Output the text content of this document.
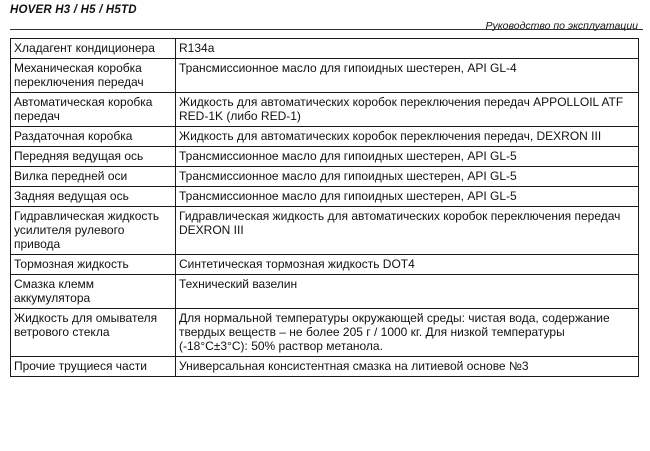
HOVER H3 / H5 / H5TD
Руководство по эксплуатации
Хладагент кондиционера	R134a
Механическая коробка переключения передач	Трансмиссионное масло для гипоидных шестерен, API GL-4
Автоматическая коробка передач	Жидкость для автоматических коробок переключения передач APPOLLOIL ATF RED-1K (либо RED-1)
Раздаточная коробка	Жидкость для автоматических коробок переключения передач, DEXRON III
Передняя ведущая ось	Трансмиссионное масло для гипоидных шестерен, API GL-5
Вилка передней оси	Трансмиссионное масло для гипоидных шестерен, API GL-5
Задняя ведущая ось	Трансмиссионное масло для гипоидных шестерен, API GL-5
Гидравлическая жидкость усилителя рулевого привода	Гидравлическая жидкость для автоматических коробок переключения передач DEXRON III
Тормозная жидкость	Синтетическая тормозная жидкость DOT4
Смазка клемм аккумулятора	Технический вазелин
Жидкость для омывателя ветрового стекла	Для нормальной температуры окружающей среды: чистая вода, содержание твердых веществ – не более 205 г / 1000 кг. Для низкой температуры (-18°С±3°С): 50% раствор метанола.
Прочие трущиеся части	Универсальная консистентная смазка на литиевой основе №3
